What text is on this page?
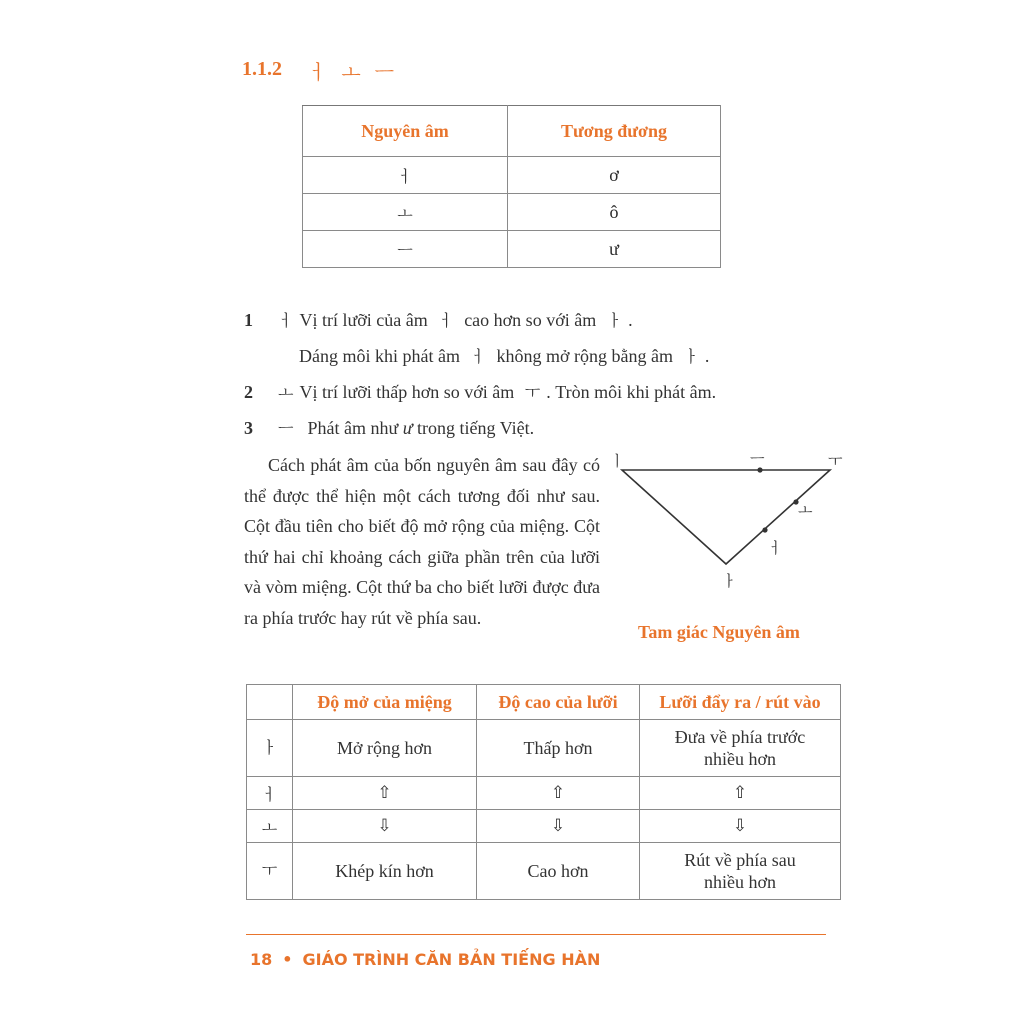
1.1.2 ㅓㅗㅡ
Nguyên âm	Tương đương
ㅓ	ơ
ㅗ	ô
ㅡ	ư
1 ㅓ Vị trí lưỡi của âm ㅓ cao hơn so với âm ㅏ .
Dáng môi khi phát âm ㅓ không mở rộng bằng âm ㅏ .
2 ㅗ Vị trí lưỡi thấp hơn so với âm ㅜ . Tròn môi khi phát âm.
3 ㅡ Phát âm như ư trong tiếng Việt.

Cách phát âm của bốn nguyên âm sau đây có thể được thể hiện một cách tương đối như sau. Cột đầu tiên cho biết độ mở rộng của miệng. Cột thứ hai chỉ khoảng cách giữa phần trên của lưỡi và vòm miệng. Cột thứ ba cho biết lưỡi được đưa ra phía trước hay rút về phía sau.

ㅣ	ㅡ	ㅜ
ㅗ
ㅓ
ㅏ
Tam giác Nguyên âm
	Độ mở của miệng	Độ cao của lưỡi	Lưỡi đẩy ra / rút vào
ㅏ	Mở rộng hơn	Thấp hơn	Đưa về phía trước
nhiều hơn

ㅓ	⇧	⇧	⇧
ㅗ	⇩	⇩	⇩
ㅜ	Khép kín hơn	Cao hơn	Rút về phía sau
nhiều hơn
18 • GIÁO TRÌNH CĂN BẢN TIẾNG HÀN
